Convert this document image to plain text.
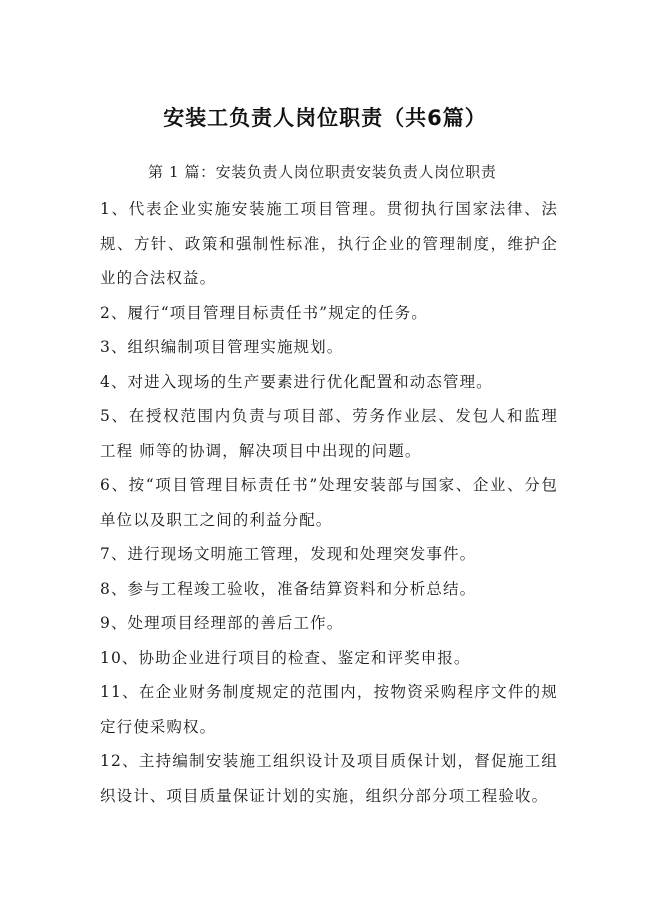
安装工负责人岗位职责（共6篇）
第 1 篇：安装负责人岗位职责安装负责人岗位职责

1、代表企业实施安装施工项目管理。贯彻执行国家法律、法规、方针、政策和强制性标准，执行企业的管理制度，维护企业的合法权益。

2、履行“项目管理目标责任书”规定的任务。

3、组织编制项目管理实施规划。

4、对进入现场的生产要素进行优化配置和动态管理。

5、在授权范围内负责与项目部、劳务作业层、发包人和监理工程 师等的协调，解决项目中出现的问题。

6、按“项目管理目标责任书”处理安装部与国家、企业、分包单位以及职工之间的利益分配。

7、进行现场文明施工管理，发现和处理突发事件。

8、参与工程竣工验收，准备结算资料和分析总结。

9、处理项目经理部的善后工作。

10、协助企业进行项目的检查、鉴定和评奖申报。

11、在企业财务制度规定的范围内，按物资采购程序文件的规定行使采购权。

12、主持编制安装施工组织设计及项目质保计划，督促施工组织设计、项目质量保证计划的实施，组织分部分项工程验收。
